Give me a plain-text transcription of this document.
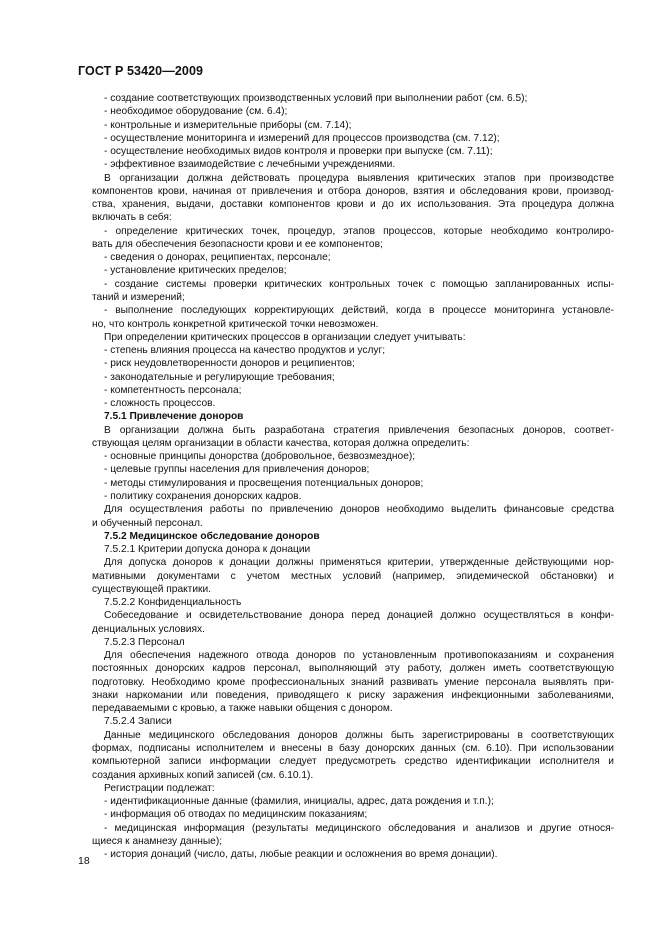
ГОСТ Р 53420—2009

- создание соответствующих производственных условий при выполнении работ (см. 6.5);

- необходимое оборудование (см. 6.4);

- контрольные и измерительные приборы (см. 7.14);

- осуществление мониторинга и измерений для процессов производства (см. 7.12);

- осуществление необходимых видов контроля и проверки при выпуске (см. 7.11);

- эффективное взаимодействие с лечебными учреждениями.

В организации должна действовать процедура выявления критических этапов при производстве

компонентов крови, начиная от привлечения и отбора доноров, взятия и обследования крови, производ-

ства, хранения, выдачи, доставки компонентов крови и до их использования. Эта процедура должна

включать в себя:

- определение критических точек, процедур, этапов процессов, которые необходимо контролиро-

вать для обеспечения безопасности крови и ее компонентов;

- сведения о донорах, реципиентах, персонале;

- установление критических пределов;

- создание системы проверки критических контрольных точек с помощью запланированных испы-

таний и измерений;

- выполнение последующих корректирующих действий, когда в процессе мониторинга установле-

но, что контроль конкретной критической точки невозможен.

При определении критических процессов в организации следует учитывать:

- степень влияния процесса на качество продуктов и услуг;

- риск неудовлетворенности доноров и реципиентов;

- законодательные и регулирующие требования;

- компетентность персонала;

- сложность процессов.

7.5.1 Привлечение доноров

В организации должна быть разработана стратегия привлечения безопасных доноров, соответ-

ствующая целям организации в области качества, которая должна определить:

- основные принципы донорства (добровольное, безвозмездное);

- целевые группы населения для привлечения доноров;

- методы стимулирования и просвещения потенциальных доноров;

- политику сохранения донорских кадров.

Для осуществления работы по привлечению доноров необходимо выделить финансовые средства

и обученный персонал.

7.5.2 Медицинское обследование доноров

7.5.2.1 Критерии допуска донора к донации

Для допуска доноров к донации должны применяться критерии, утвержденные действующими нор-

мативными документами с учетом местных условий (например, эпидемической обстановки) и

существующей практики.

7.5.2.2 Конфиденциальность

Собеседование и освидетельствование донора перед донацией должно осуществляться в конфи-

денциальных условиях.

7.5.2.3 Персонал

Для обеспечения надежного отвода доноров по установленным противопоказаниям и сохранения

постоянных донорских кадров персонал, выполняющий эту работу, должен иметь соответствующую

подготовку. Необходимо кроме профессиональных знаний развивать умение персонала выявлять при-

знаки наркомании или поведения, приводящего к риску заражения инфекционными заболеваниями,

передаваемыми с кровью, а также навыки общения с донором.

7.5.2.4 Записи

Данные медицинского обследования доноров должны быть зарегистрированы в соответствующих

формах, подписаны исполнителем и внесены в базу донорских данных (см. 6.10). При использовании

компьютерной записи информации следует предусмотреть средство идентификации исполнителя и

создания архивных копий записей (см. 6.10.1).

Регистрации подлежат:

- идентификационные данные (фамилия, инициалы, адрес, дата рождения и т.п.);

- информация об отводах по медицинским показаниям;

- медицинская информация (результаты медицинского обследования и анализов и другие относя-

щиеся к анамнезу данные);

- история донаций (число, даты, любые реакции и осложнения во время донации).

18
